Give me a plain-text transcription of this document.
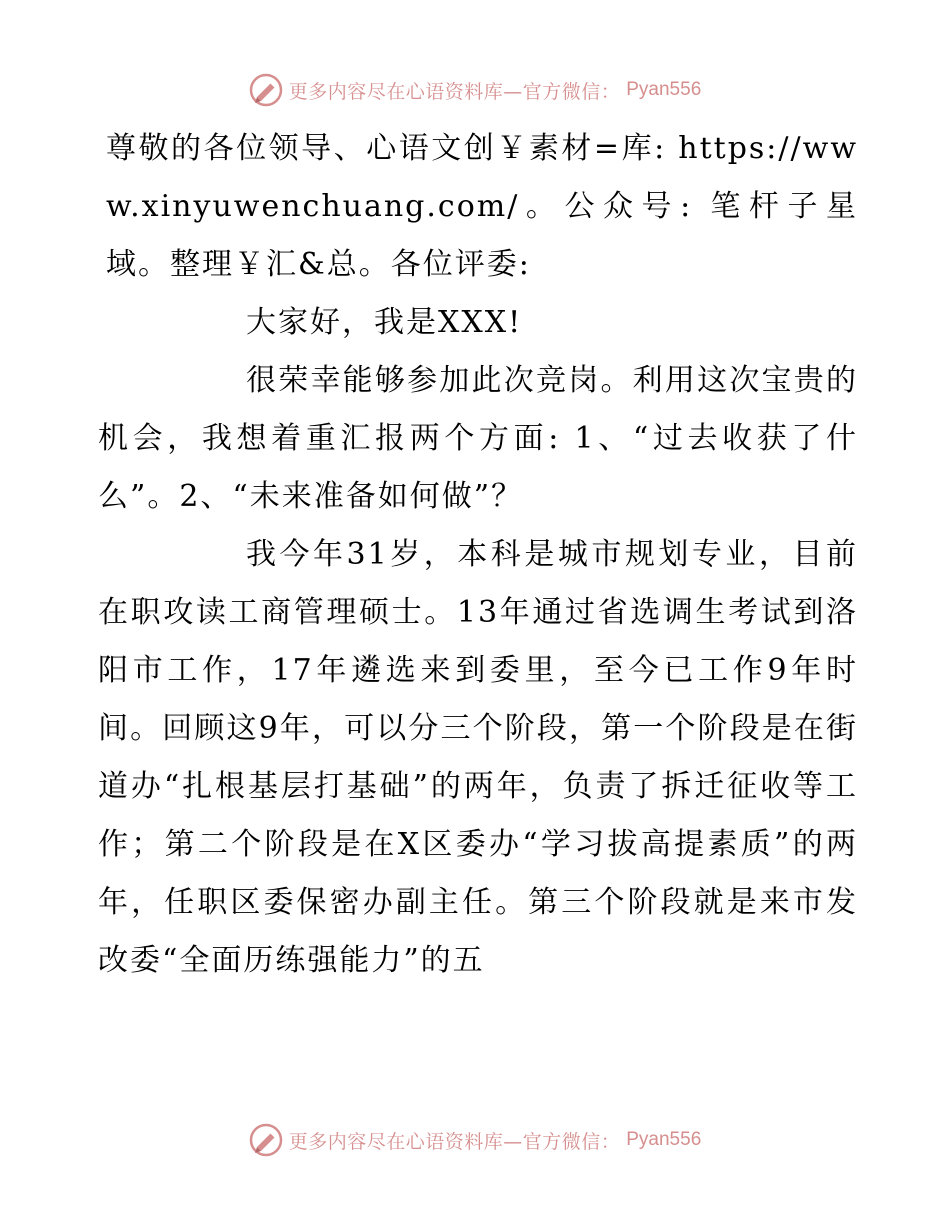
更多内容尽在心语资料库—官方微信： Pyan556

尊敬的各位领导、心语文创￥素材=库: https://www.xinyuwenchuang.com/。公众号: 笔杆子星域。整理￥汇&总。各位评委:

大家好，我是XXX!

很荣幸能够参加此次竞岗。利用这次宝贵的机会，我想着重汇报两个方面: 1、“过去收获了什么”。2、“未来准备如何做”？

我今年31岁，本科是城市规划专业，目前在职攻读工商管理硕士。13年通过省选调生考试到洛阳市工作，17年遴选来到委里，至今已工作9年时间。回顾这9年，可以分三个阶段，第一个阶段是在街道办“扎根基层打基础”的两年，负责了拆迁征收等工作；第二个阶段是在X区委办“学习拔高提素质”的两年，任职区委保密办副主任。第三个阶段就是来市发改委“全面历练强能力”的五

更多内容尽在心语资料库—官方微信： Pyan556
